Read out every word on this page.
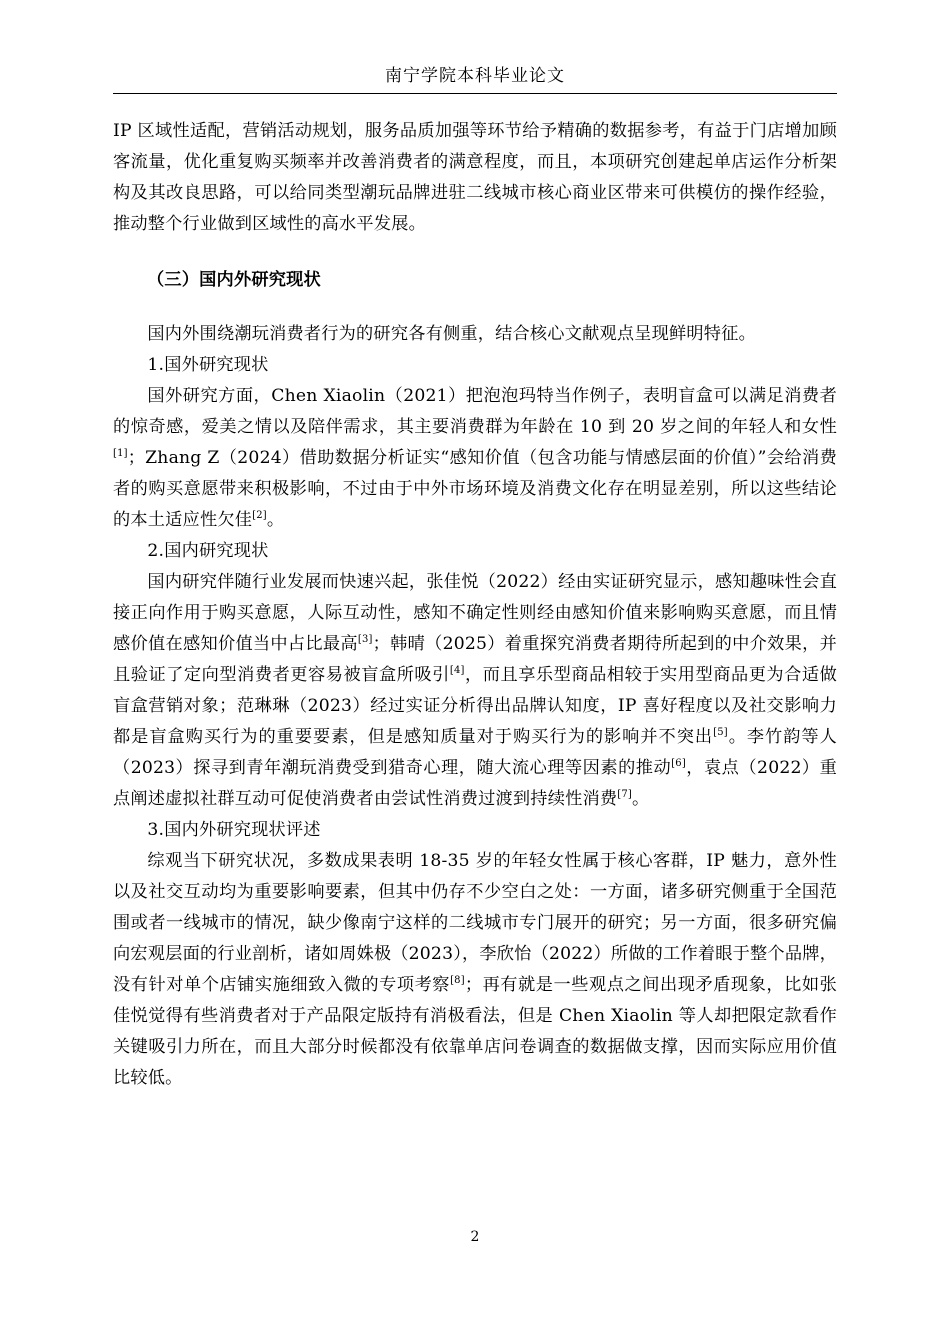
南宁学院本科毕业论文

IP 区域性适配，营销活动规划，服务品质加强等环节给予精确的数据参考，有益于门店增加顾客流量，优化重复购买频率并改善消费者的满意程度，而且，本项研究创建起单店运作分析架构及其改良思路，可以给同类型潮玩品牌进驻二线城市核心商业区带来可供模仿的操作经验，推动整个行业做到区域性的高水平发展。

（三）国内外研究现状

国内外围绕潮玩消费者行为的研究各有侧重，结合核心文献观点呈现鲜明特征。

1.国外研究现状

国外研究方面，Chen Xiaolin（2021）把泡泡玛特当作例子，表明盲盒可以满足消费者的惊奇感，爱美之情以及陪伴需求，其主要消费群为年龄在 10 到 20 岁之间的年轻人和女性[1]；Zhang Z（2024）借助数据分析证实“感知价值（包含功能与情感层面的价值）”会给消费者的购买意愿带来积极影响，不过由于中外市场环境及消费文化存在明显差别，所以这些结论的本土适应性欠佳[2]。

2.国内研究现状

国内研究伴随行业发展而快速兴起，张佳悦（2022）经由实证研究显示，感知趣味性会直接正向作用于购买意愿，人际互动性，感知不确定性则经由感知价值来影响购买意愿，而且情感价值在感知价值当中占比最高[3]；韩晴（2025）着重探究消费者期待所起到的中介效果，并且验证了定向型消费者更容易被盲盒所吸引[4]，而且享乐型商品相较于实用型商品更为合适做盲盒营销对象；范琳琳（2023）经过实证分析得出品牌认知度，IP 喜好程度以及社交影响力都是盲盒购买行为的重要要素，但是感知质量对于购买行为的影响并不突出[5]。李竹韵等人（2023）探寻到青年潮玩消费受到猎奇心理，随大流心理等因素的推动[6]，袁点（2022）重点阐述虚拟社群互动可促使消费者由尝试性消费过渡到持续性消费[7]。

3.国内外研究现状评述

综观当下研究状况，多数成果表明 18-35 岁的年轻女性属于核心客群，IP 魅力，意外性以及社交互动均为重要影响要素，但其中仍存不少空白之处：一方面，诸多研究侧重于全国范围或者一线城市的情况，缺少像南宁这样的二线城市专门展开的研究；另一方面，很多研究偏向宏观层面的行业剖析，诸如周姝极（2023），李欣怡（2022）所做的工作着眼于整个品牌，没有针对单个店铺实施细致入微的专项考察[8]；再有就是一些观点之间出现矛盾现象，比如张佳悦觉得有些消费者对于产品限定版持有消极看法，但是 Chen Xiaolin 等人却把限定款看作关键吸引力所在，而且大部分时候都没有依靠单店问卷调查的数据做支撑，因而实际应用价值比较低。

2
